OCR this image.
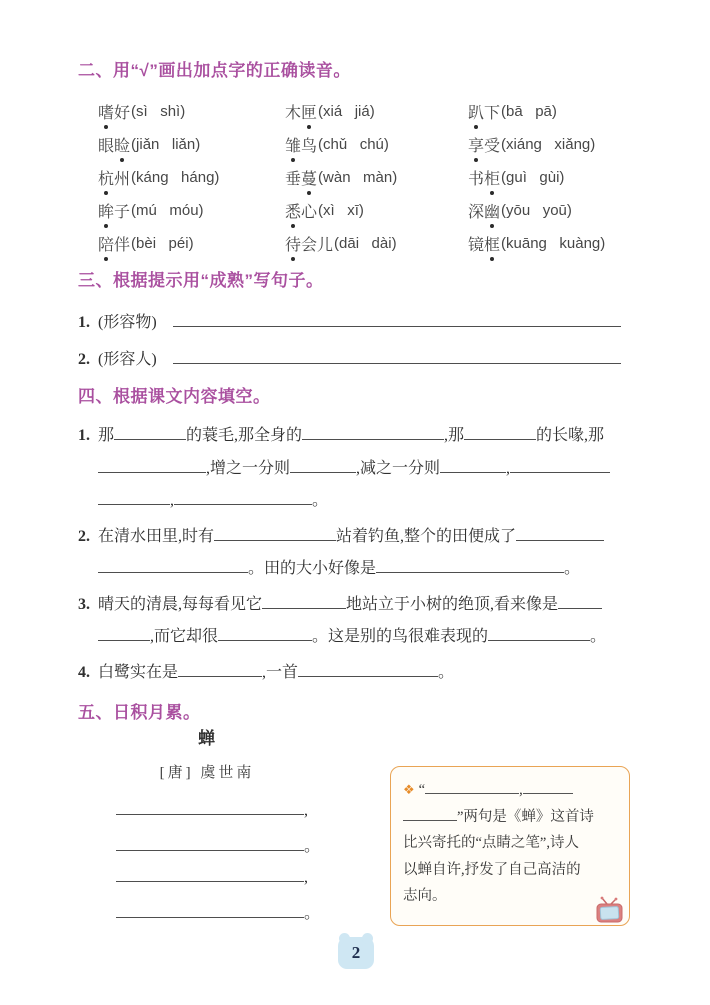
二、用“√”画出加点字的正确读音。
嗜 好 (sì   shì)	木 匣 (xiá   jiá)	趴 下 (bā   pā)
眼 睑 (jiǎn   liǎn)	雏 鸟 (chǔ   chú)	享 受 (xiáng   xiǎng)
杭 州 (káng   háng)	垂 蔓 (wàn   màn)	书 柜 (guì   gùi)
眸 子 (mú   móu)	悉 心 (xì   xī)	深 幽 (yōu   yoū)
陪 伴 (bèi   péi)	待 会 儿 (dāi   dài)	镜 框 (kuāng   kuàng)
三、根据提示用“成熟”写句子。
1. (形容物)
2. (形容人)
四、根据课文内容填空。
1. 那	的蓑毛,那全身的	,那	的长喙,那
,增之一分则	,减之一分则	,
,	。
2. 在清水田里,时有	站着钓鱼,整个的田便成了
。田的大小好像是	。
3. 晴天的清晨,每每看见它	地站立于小树的绝顶,看来像是
,而它却很	。这是别的鸟很难表现的	。
4. 白鹭实在是	,一首	。
五、日积月累。
蝉
[唐] 虞世南
,
。
,
。
❖ “	,
”两句是《蝉》这首诗
比兴寄托的“点睛之笔”,诗人
以蝉自许,抒发了自己高洁的
志向。
2
